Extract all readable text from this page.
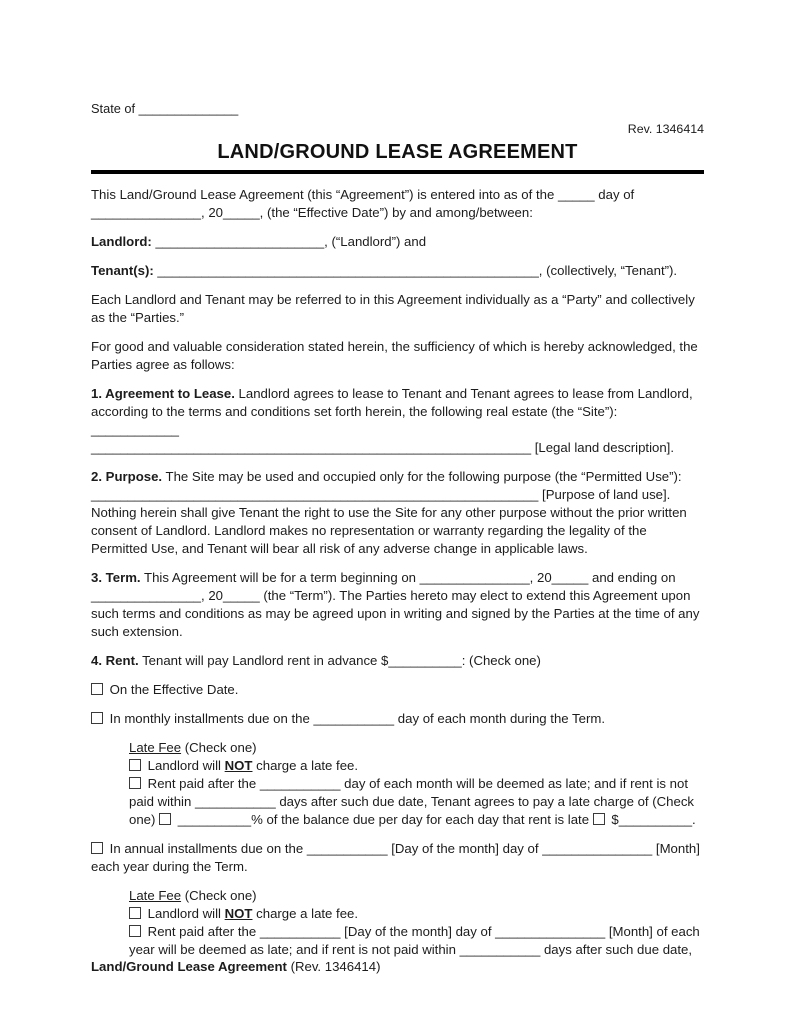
State of ______________
Rev. 1346414
LAND/GROUND LEASE AGREEMENT
This Land/Ground Lease Agreement (this “Agreement”) is entered into as of the _____ day of _______________, 20_____, (the “Effective Date”) by and among/between:
Landlord: _______________________, (“Landlord”) and
Tenant(s): ____________________________________________________, (collectively, “Tenant”).
Each Landlord and Tenant may be referred to in this Agreement individually as a “Party” and collectively as the “Parties.”
For good and valuable consideration stated herein, the sufficiency of which is hereby acknowledged, the Parties agree as follows:
1. Agreement to Lease. Landlord agrees to lease to Tenant and Tenant agrees to lease from Landlord, according to the terms and conditions set forth herein, the following real estate (the “Site”): ____________
____________________________________________________________ [Legal land description].
2. Purpose. The Site may be used and occupied only for the following purpose (the “Permitted Use”): _____________________________________________________________ [Purpose of land use].
Nothing herein shall give Tenant the right to use the Site for any other purpose without the prior written consent of Landlord. Landlord makes no representation or warranty regarding the legality of the Permitted Use, and Tenant will bear all risk of any adverse change in applicable laws.
3. Term. This Agreement will be for a term beginning on _______________, 20_____ and ending on _______________, 20_____ (the “Term”). The Parties hereto may elect to extend this Agreement upon such terms and conditions as may be agreed upon in writing and signed by the Parties at the time of any such extension.
4. Rent. Tenant will pay Landlord rent in advance $__________: (Check one)
On the Effective Date.
In monthly installments due on the ___________ day of each month during the Term.
Late Fee (Check one)
Landlord will NOT charge a late fee.
Rent paid after the ___________ day of each month will be deemed as late; and if rent is not paid within ___________ days after such due date, Tenant agrees to pay a late charge of (Check one)  __________% of the balance due per day for each day that rent is late  $__________.
In annual installments due on the ___________ [Day of the month] day of _______________ [Month] each year during the Term.
Late Fee (Check one)
Landlord will NOT charge a late fee.
Rent paid after the ___________ [Day of the month] day of _______________ [Month] of each year will be deemed as late; and if rent is not paid within ___________ days after such due date,
Land/Ground Lease Agreement (Rev. 1346414)
